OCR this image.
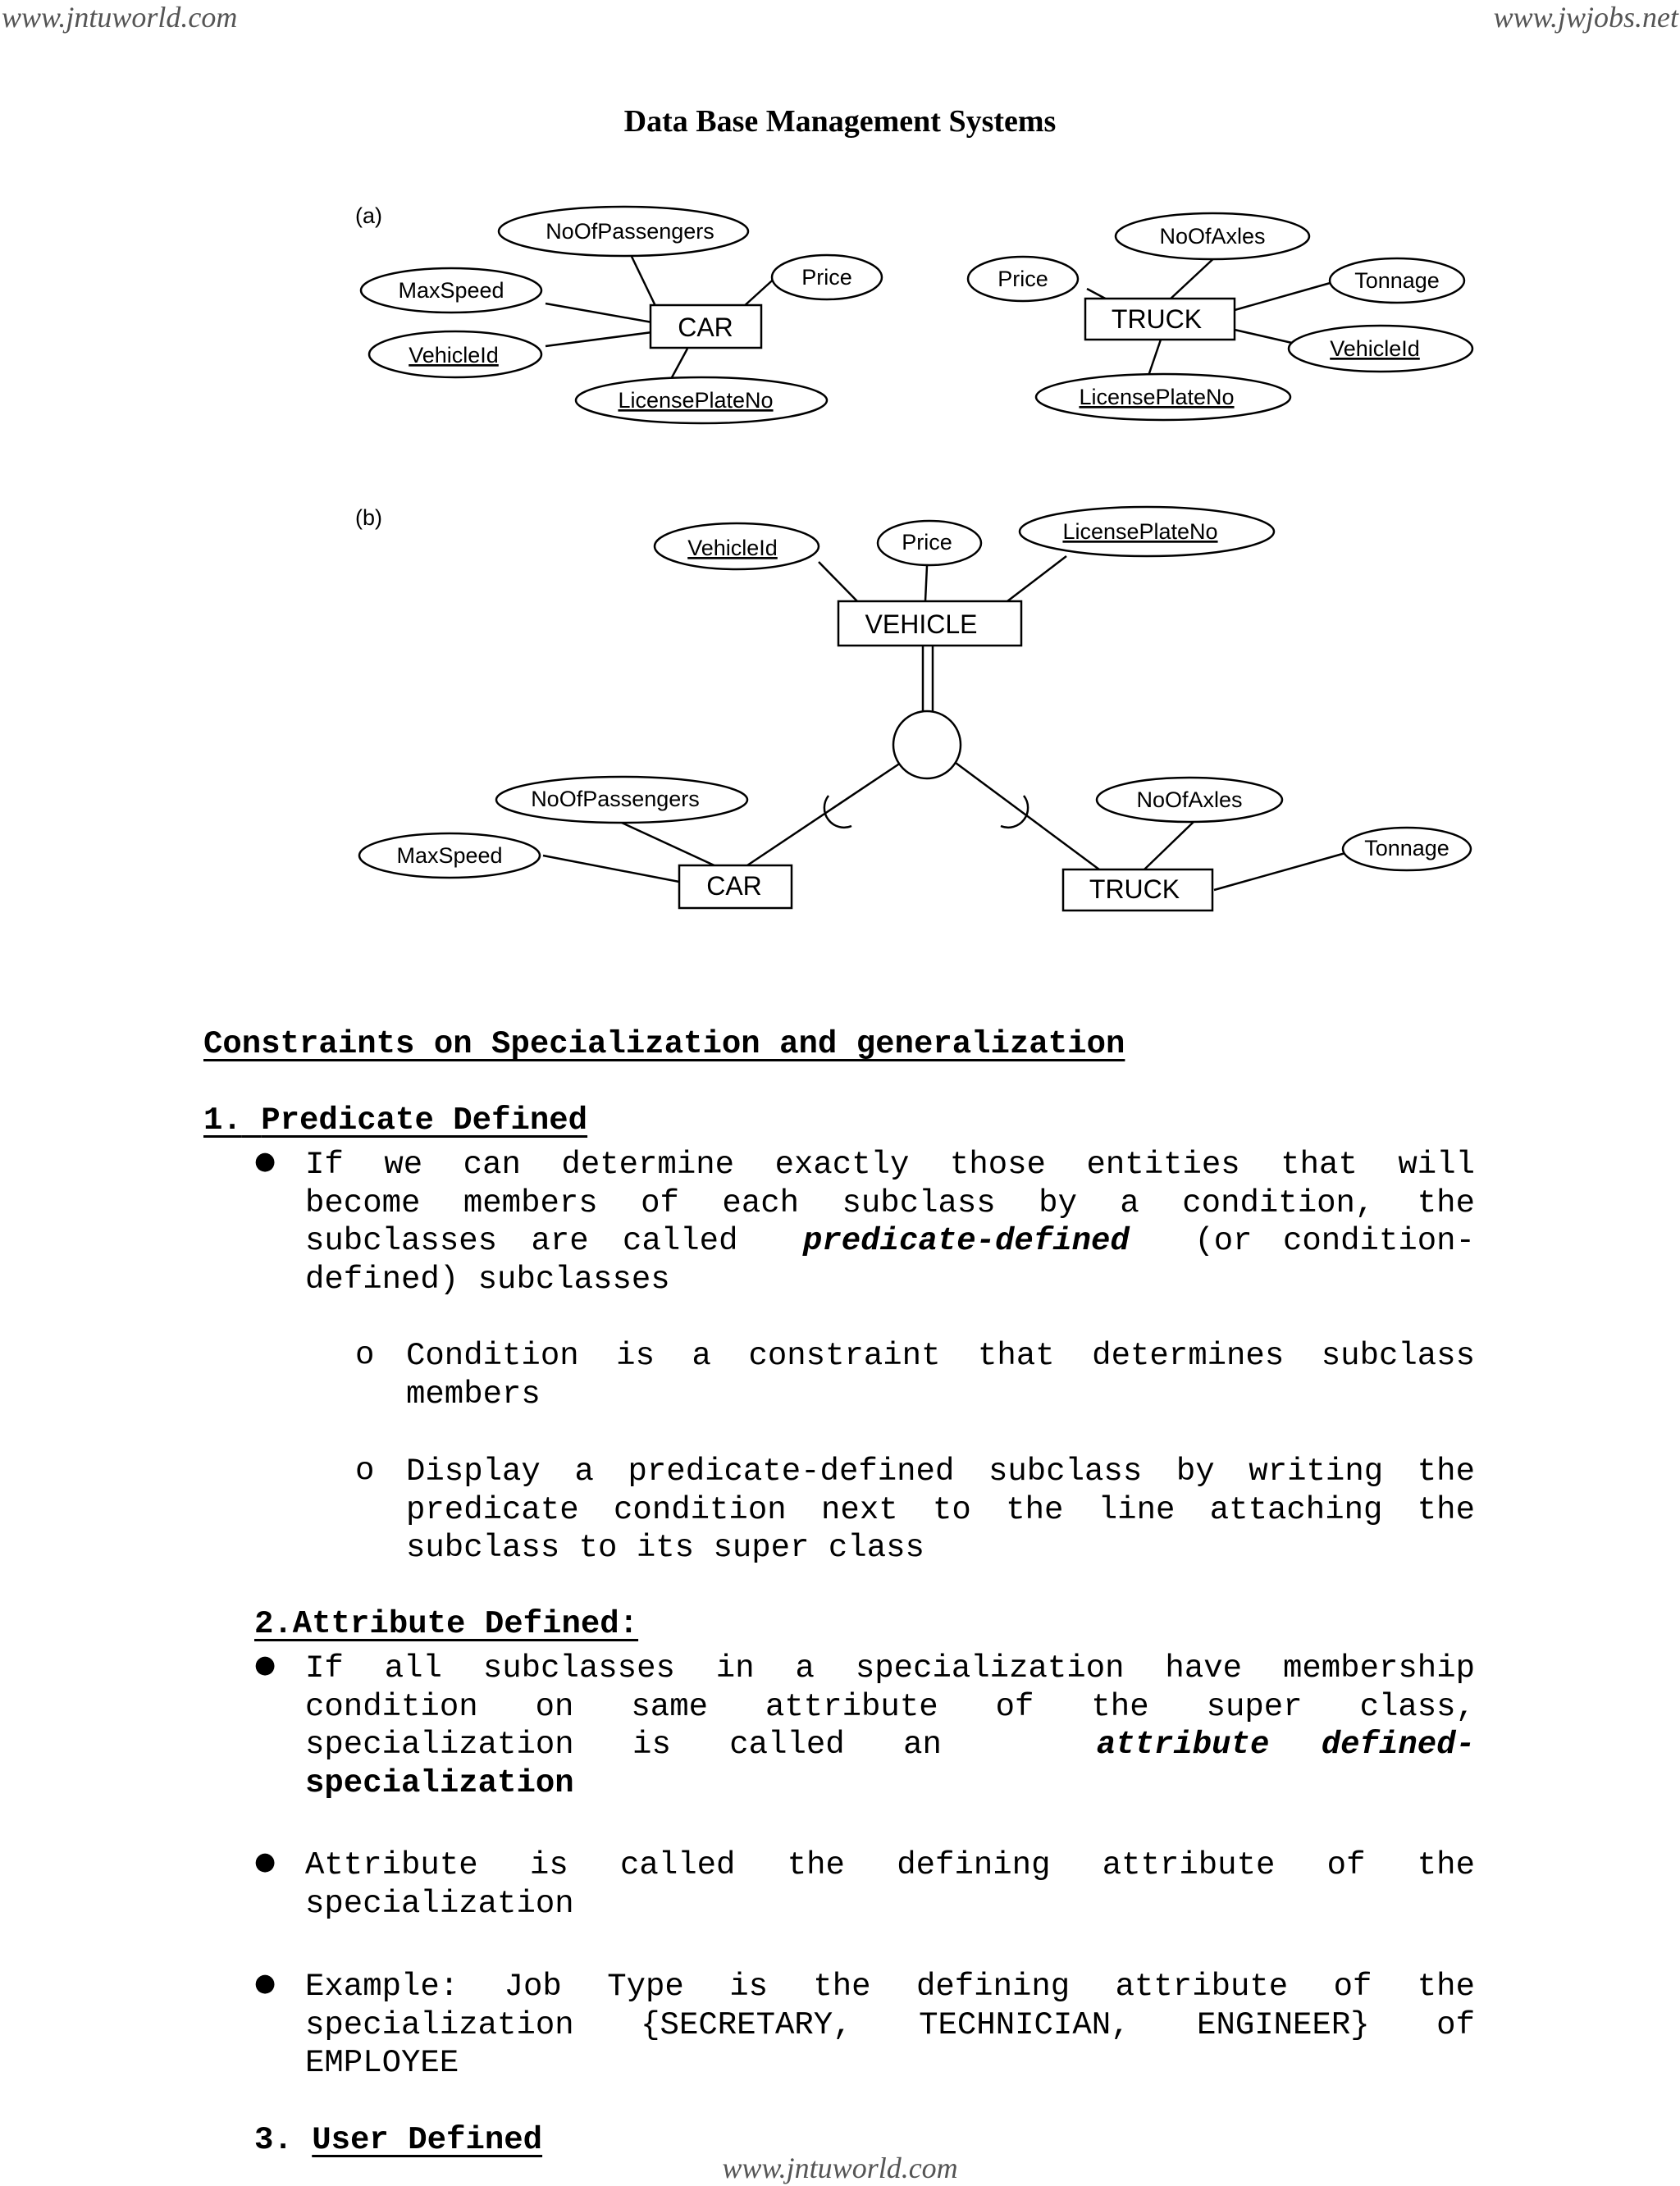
www.jntuworld.com	www.jwjobs.net
Data Base Management Systems
(a)
(b)
CAR	TRUCK
VEHICLE
CAR	TRUCK
NoOfPassengers
MaxSpeed
Price
VehicleId
LicensePlateNo
NoOfAxles
Price	Tonnage
VehicleId
LicensePlateNo
VehicleId	Price	LicensePlateNo
NoOfPassengers
MaxSpeed
NoOfAxles
Tonnage
Constraints on Specialization and generalization
1. Predicate Defined
● If we can determine exactly those entities that will
become members of each subclass by a condition, the
subclasses are called predicate-defined (or condition-
defined) subclasses
o Condition is a constraint that determines subclass
members
o Display a predicate-defined subclass by writing the
predicate condition next to the line attaching the
subclass to its super class
2.Attribute Defined:
● If all subclasses in a specialization have membership
condition on same attribute of the super class,
specialization is called an	attribute defined-
specialization
● Attribute is called the defining attribute of the
specialization
● Example: Job Type is the defining attribute of the
specialization {SECRETARY, TECHNICIAN, ENGINEER} of
EMPLOYEE
3. User Defined
www.jntuworld.com
